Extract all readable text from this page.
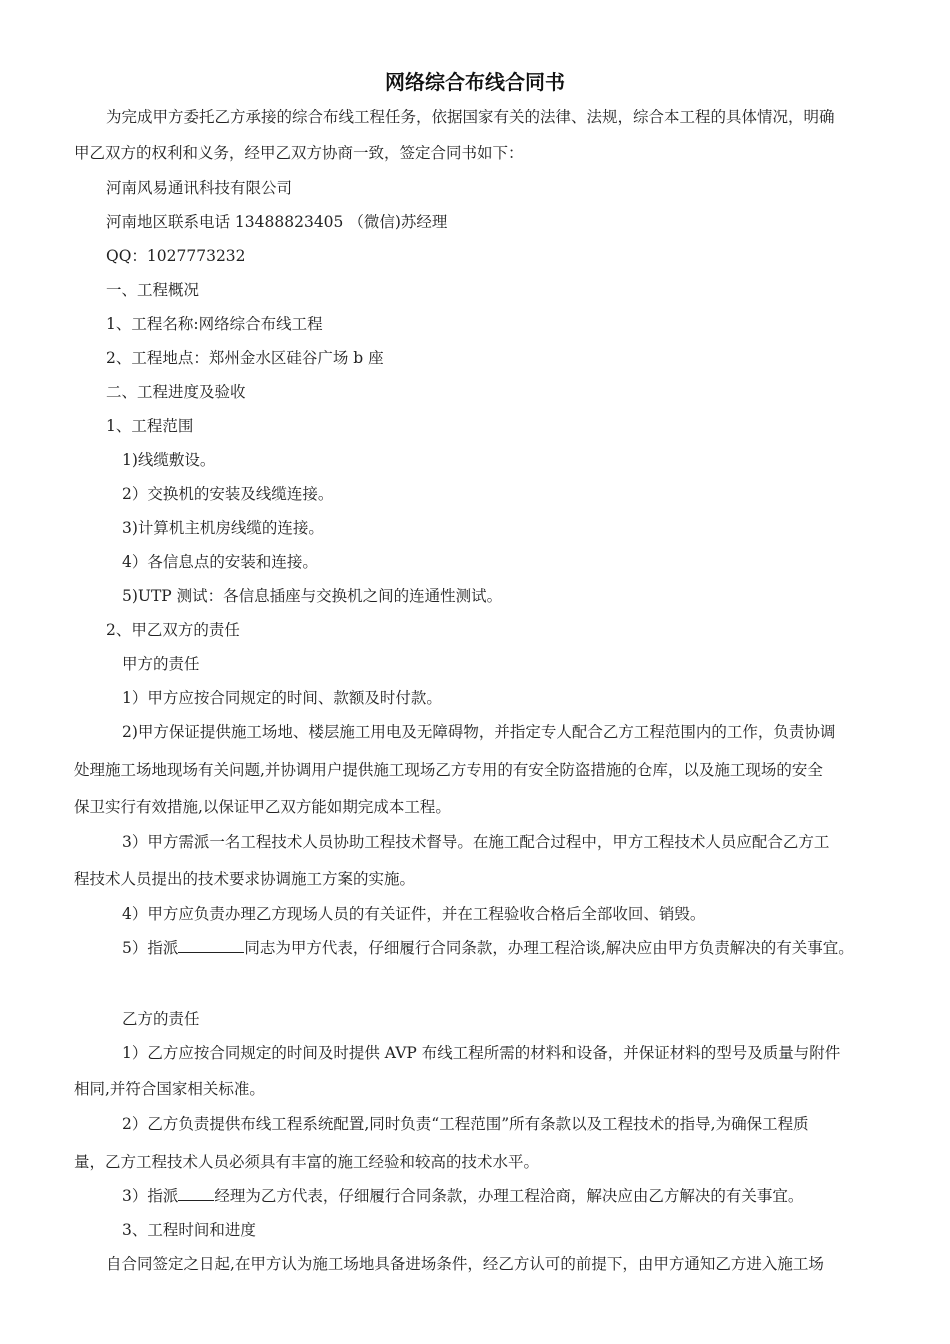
网络综合布线合同书
为完成甲方委托乙方承接的综合布线工程任务，依据国家有关的法律、法规，综合本工程的具体情况，明确
甲乙双方的权利和义务，经甲乙双方协商一致，签定合同书如下：
河南风易通讯科技有限公司
河南地区联系电话 13488823405 （微信)苏经理
QQ：1027773232
一、工程概况
1、工程名称:网络综合布线工程
2、工程地点：郑州金水区硅谷广场 b 座
二、工程进度及验收
1、工程范围
1)线缆敷设。
2）交换机的安装及线缆连接。
3)计算机主机房线缆的连接。
4）各信息点的安装和连接。
5)UTP 测试：各信息插座与交换机之间的连通性测试。
2、甲乙双方的责任
甲方的责任
1）甲方应按合同规定的时间、款额及时付款。
2)甲方保证提供施工场地、楼层施工用电及无障碍物，并指定专人配合乙方工程范围内的工作，负责协调
处理施工场地现场有关问题,并协调用户提供施工现场乙方专用的有安全防盗措施的仓库，以及施工现场的安全
保卫实行有效措施,以保证甲乙双方能如期完成本工程。
3）甲方需派一名工程技术人员协助工程技术督导。在施工配合过程中，甲方工程技术人员应配合乙方工
程技术人员提出的技术要求协调施工方案的实施。
4）甲方应负责办理乙方现场人员的有关证件，并在工程验收合格后全部收回、销毁。
5）指派	同志为甲方代表，仔细履行合同条款，办理工程洽谈,解决应由甲方负责解决的有关事宜。
乙方的责任
1）乙方应按合同规定的时间及时提供 AVP 布线工程所需的材料和设备，并保证材料的型号及质量与附件
相同,并符合国家相关标准。
2）乙方负责提供布线工程系统配置,同时负责“工程范围”所有条款以及工程技术的指导,为确保工程质
量，乙方工程技术人员必须具有丰富的施工经验和较高的技术水平。
3）指派 经理为乙方代表，仔细履行合同条款，办理工程洽商，解决应由乙方解决的有关事宜。
3、工程时间和进度
自合同签定之日起,在甲方认为施工场地具备进场条件，经乙方认可的前提下，由甲方通知乙方进入施工场
